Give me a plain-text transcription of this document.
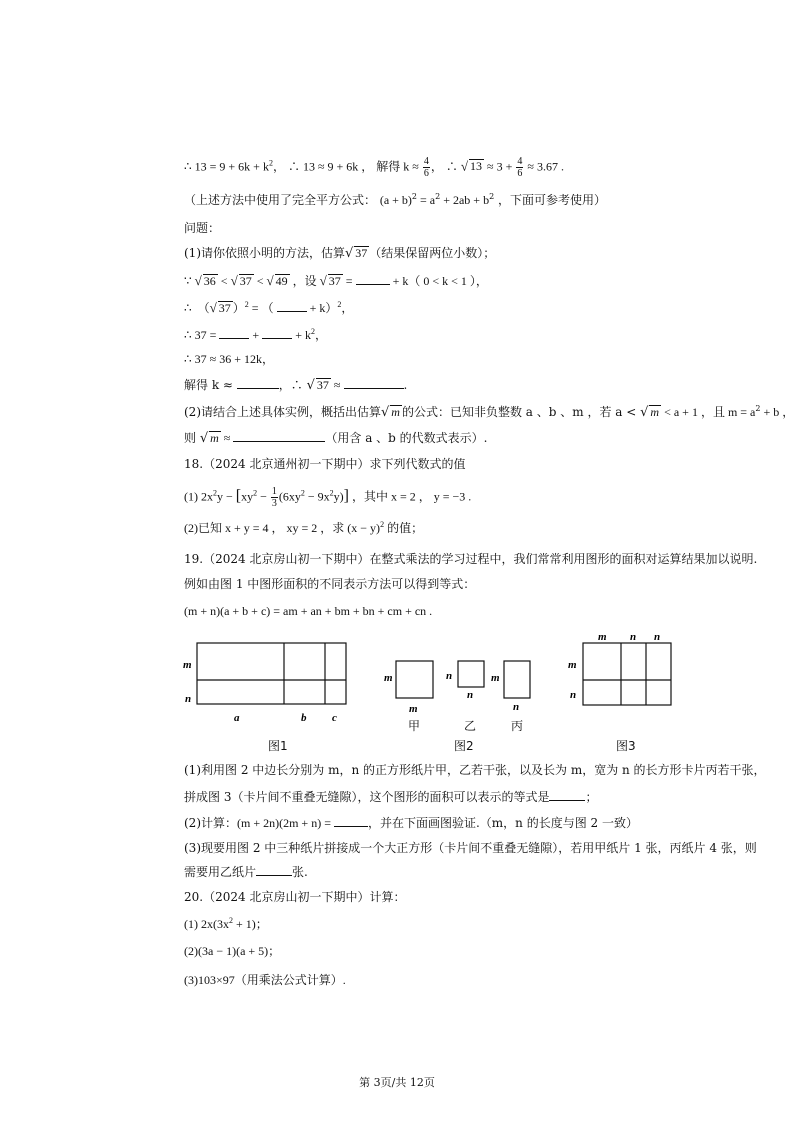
∴ $13 = 9 + 6k + k^2$， ∴ 13 ≈ 9 + 6k ， 解得 $k \approx \frac{4}{6}$ ， ∴ √ $13 \approx 3 + \frac{4}{6} \approx 3.67$ .
（上述方法中使用了完全平方公式： $(a + b)^2 = a^2 + 2ab + b^2$ ，下面可参考使用）
问题：
(1)请你依照小明的方法，估算√ 37 （结果保留两位小数）；
∵ √ 36 < √ 37 < √ 49 ，设 √ 37 =	+ k（ 0 < k < 1 ），
∴　（√ 37 ）$^2$ = （	+ k）$^2$，
∴ 37 =	+	+ $k^2$，
∴ 37 ≈ 36 + 12k，
解得 k ≈	，∴ √ 37 ≈	.
(2)请结合上述具体实例，概括出估算√ m 的公式：已知非负整数 a 、b 、m ，若 a < √ m < a + 1 ，且 $m = a^2 + b$ ，
则 √ m ≈	（用含 a 、b 的代数式表示）.
18.（2024 北京通州初一下期中）求下列代数式的值
(1) $2x^2y - [xy^2 - \frac{1}{3} (6xy^2 - 9x^2y)]$ ，其中 x = 2 ， y = −3 .
(2)已知 x + y = 4 ， xy = 2 ，求 $(x - y)^2$ 的值；
19.（2024 北京房山初一下期中）在整式乘法的学习过程中，我们常常利用图形的面积对运算结果加以说明.
例如由图 1 中图形面积的不同表示方法可以得到等式：
(m + n)(a + b + c) = am + an + bm + bn + cm + cn .
m
n
a	b c
图1
m
m
n
n
m
n
甲	乙	丙
图2
m n n
m
n
图3
(1)利用图 2 中边长分别为 m，n 的正方形纸片甲，乙若干张，以及长为 m，宽为 n 的长方形卡片丙若干张，
拼成图 3（卡片间不重叠无缝隙），这个图形的面积可以表示的等式是	；
(2)计算：(m + 2n)(2m + n) =	，并在下面画图验证.（m，n 的长度与图 2 一致）
(3)现要用图 2 中三种纸片拼接成一个大正方形（卡片间不重叠无缝隙），若用甲纸片 1 张，丙纸片 4 张，则
需要用乙纸片	张.
20.（2024 北京房山初一下期中）计算：
(1) $2x(3x^2 + 1)$；
(2)(3a − 1)(a + 5)；
(3)103×97（用乘法公式计算）.
第 3页/共 12页
